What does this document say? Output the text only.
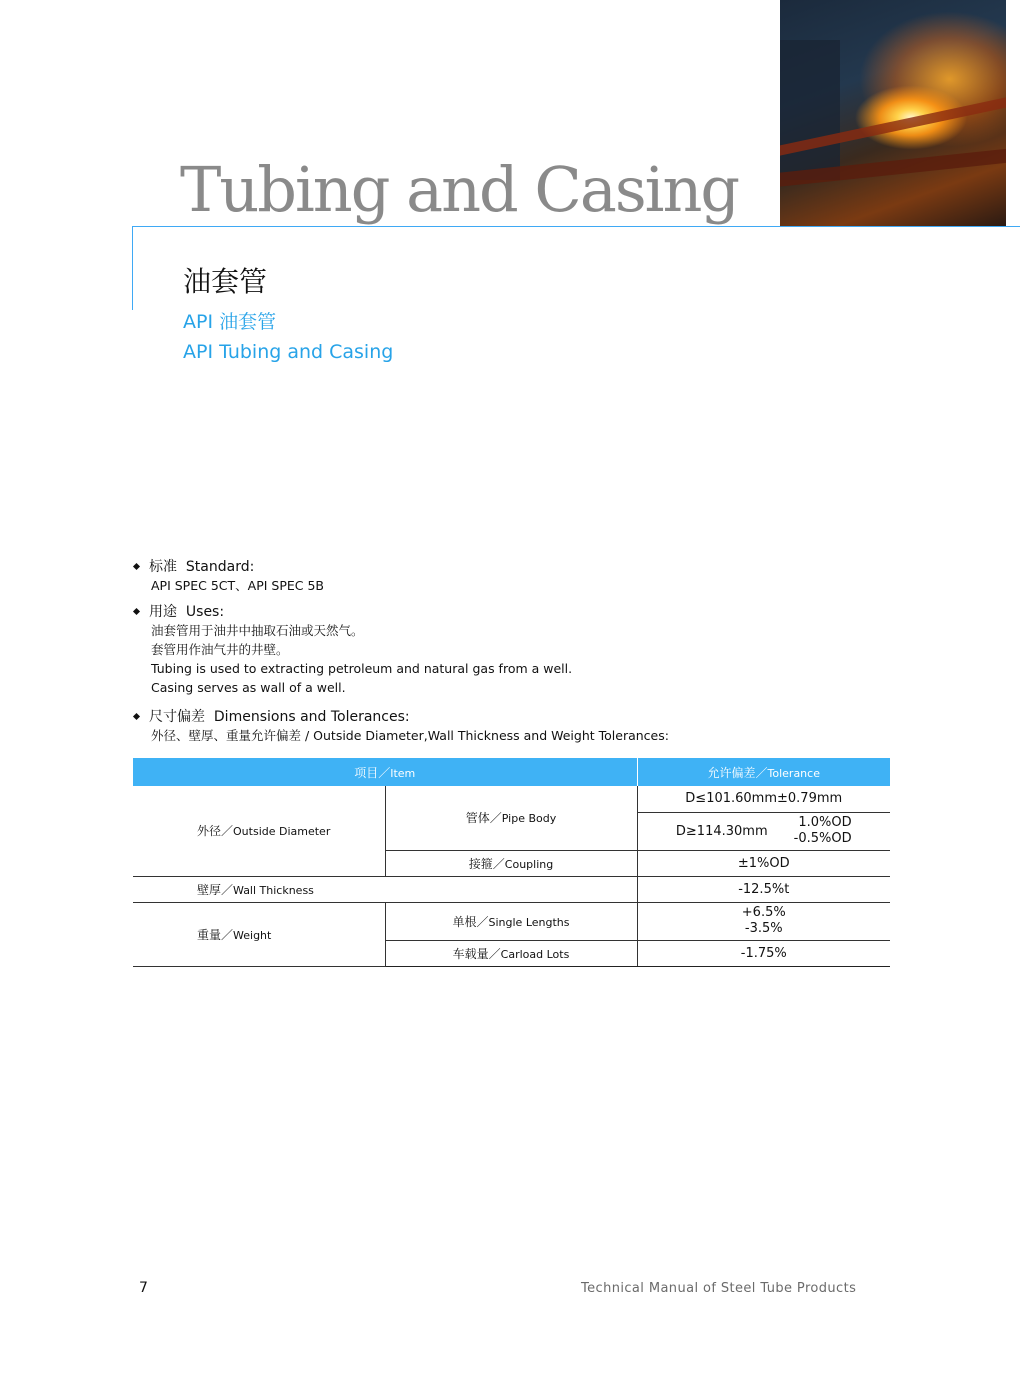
Tubing and Casing
油套管
API 油套管
API Tubing and Casing
标准 Standard:
API SPEC 5CT、API SPEC 5B
用途 Uses:
油套管用于油井中抽取石油或天然气。
套管用作油气井的井壁。
Tubing is used to extracting petroleum and natural gas from a well.
Casing serves as wall of a well.
尺寸偏差 Dimensions and Tolerances:
外径、壁厚、重量允许偏差 / Outside Diameter,Wall Thickness and Weight Tolerances:
项目／Item		允许偏差／Tolerance
外径／Outside Diameter	管体／Pipe Body	D≤101.60mm±0.79mm

		D≥114.30mm
1.0%OD
-0.5%OD

	接箍／Coupling	±1%OD
壁厚／Wall Thickness		-12.5%t
重量／Weight	单根／Single Lengths	+6.5%
-3.5%

	车载量／Carload Lots	-1.75%
7	Technical Manual of Steel Tube Products
